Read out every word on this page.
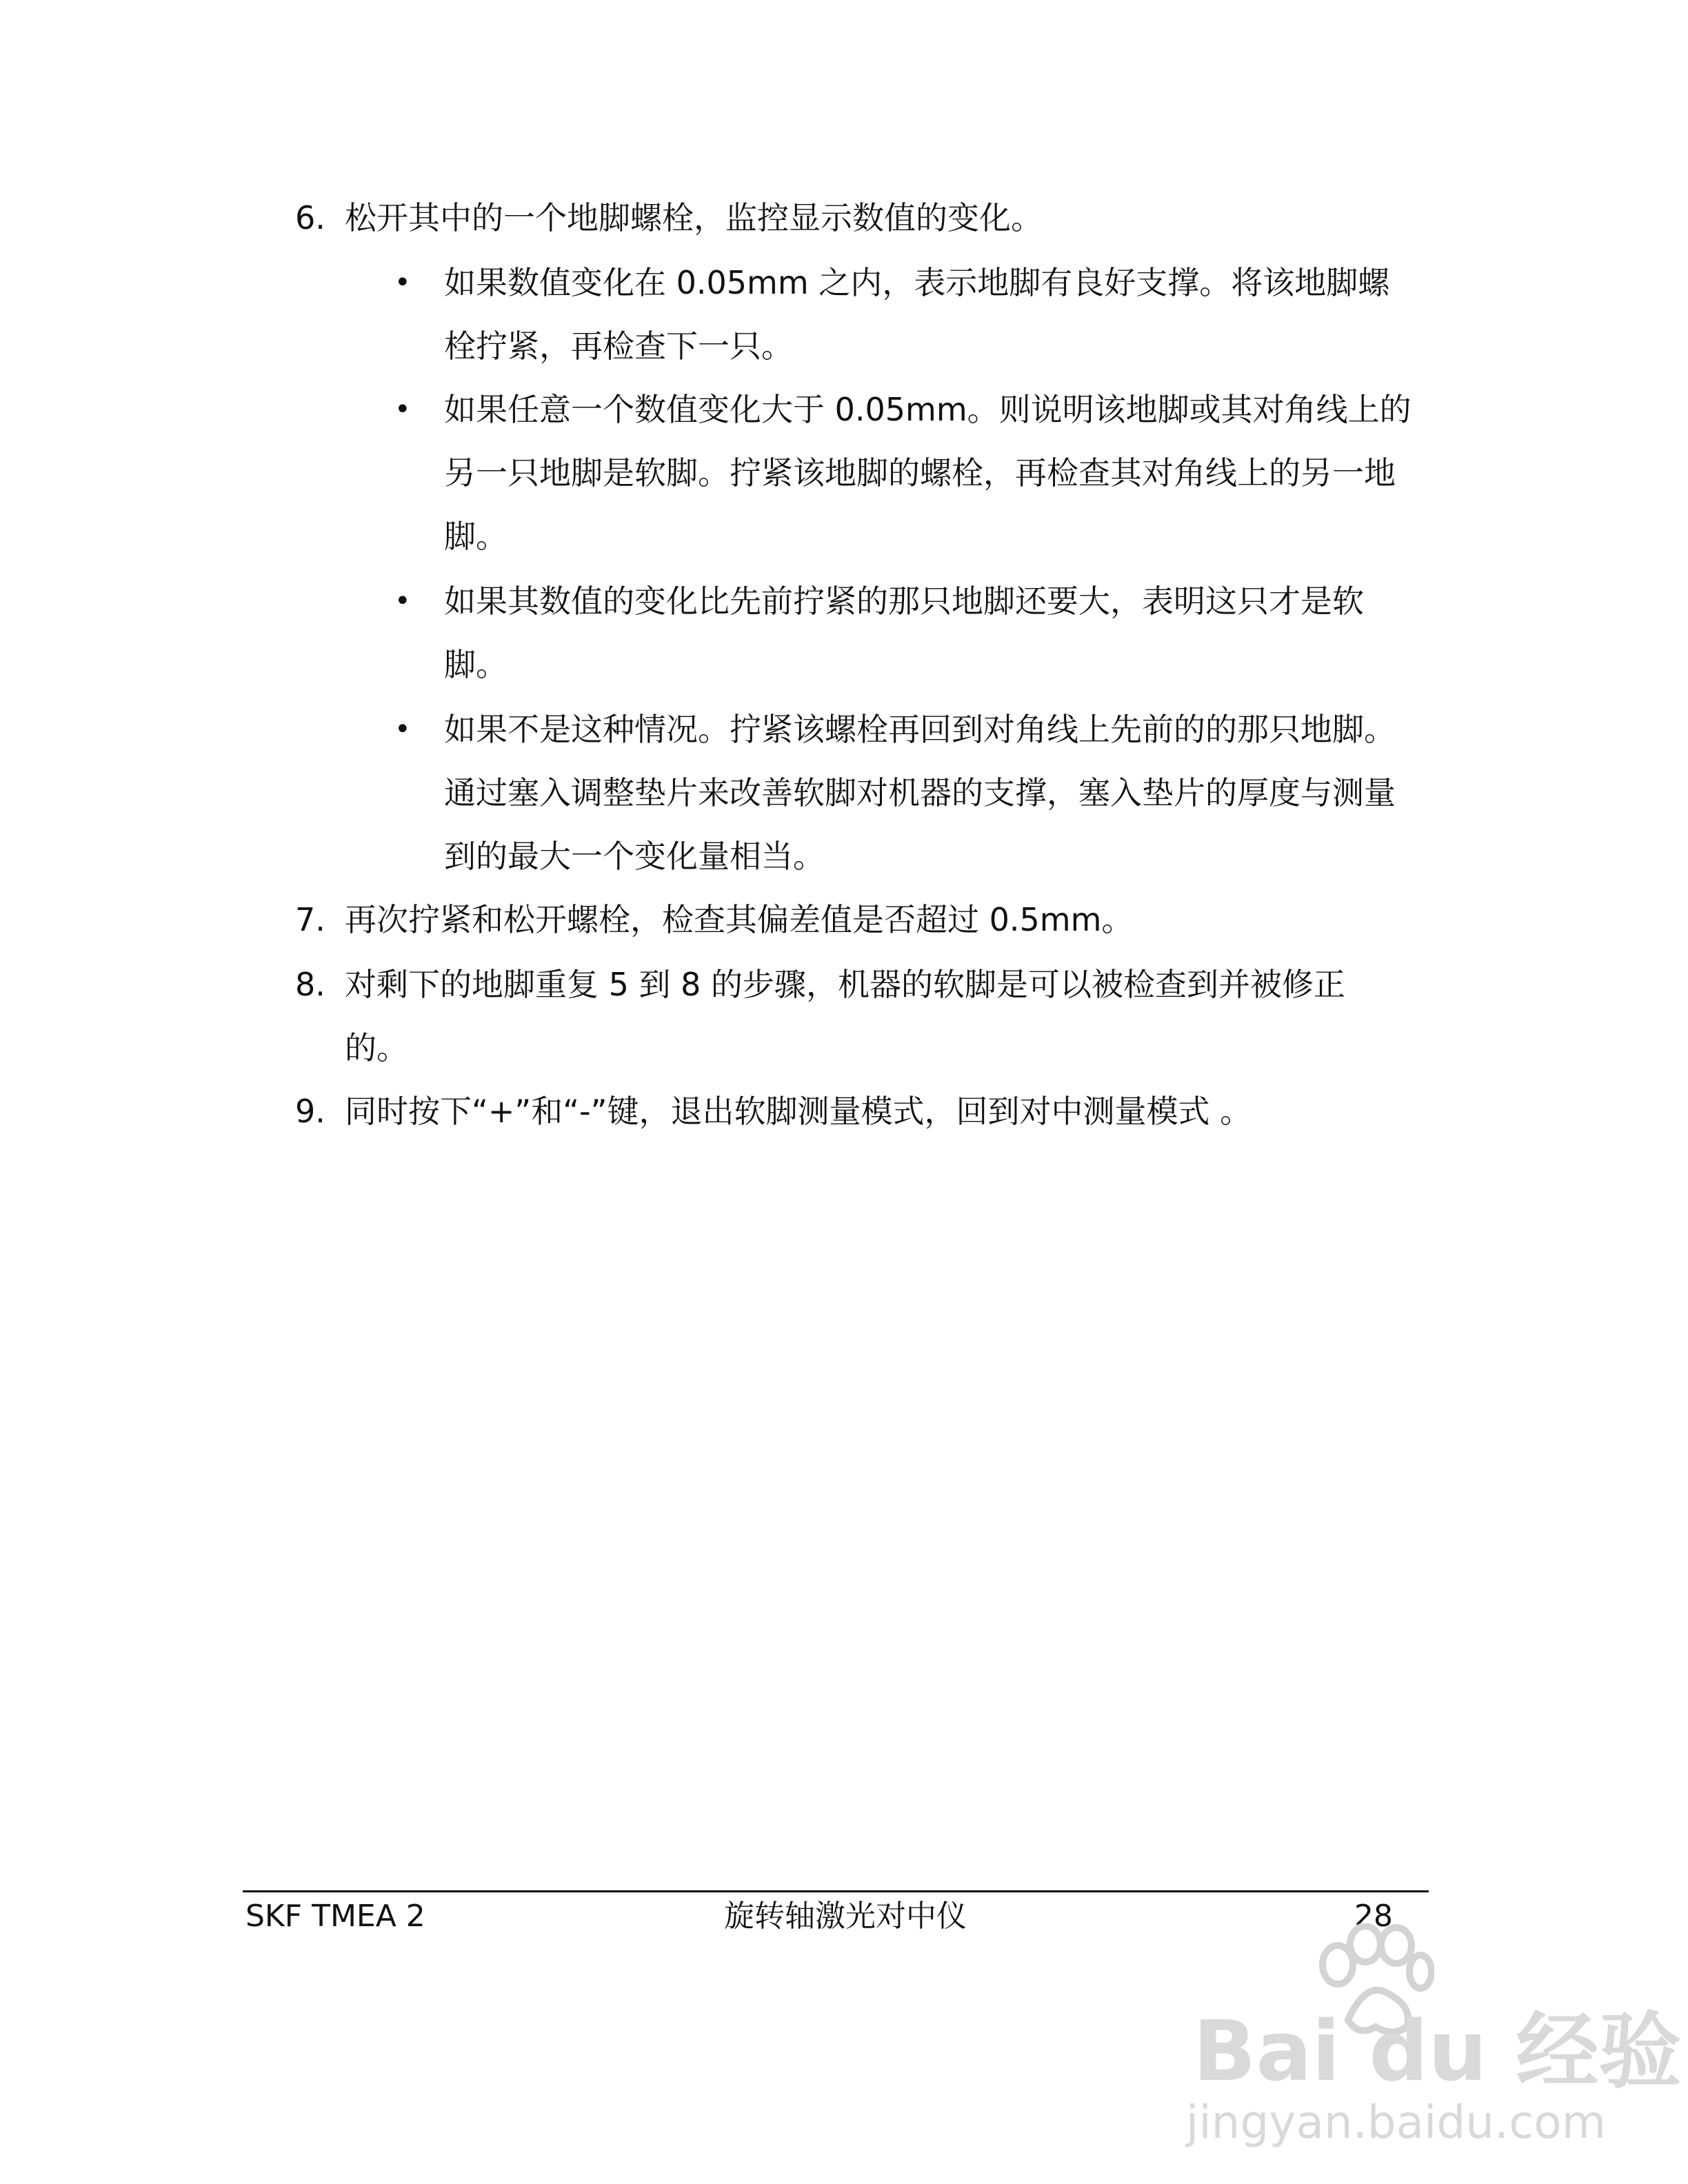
6. 松开其中的一个地脚螺栓，监控显示数值的变化。
• 如果数值变化在 0.05mm 之内，表示地脚有良好支撑。将该地脚螺
栓拧紧，再检查下一只。
• 如果任意一个数值变化大于 0.05mm。则说明该地脚或其对角线上的
另一只地脚是软脚。拧紧该地脚的螺栓，再检查其对角线上的另一地
脚。
• 如果其数值的变化比先前拧紧的那只地脚还要大，表明这只才是软
脚。
• 如果不是这种情况。拧紧该螺栓再回到对角线上先前的的那只地脚。
通过塞入调整垫片来改善软脚对机器的支撑，塞入垫片的厚度与测量
到的最大一个变化量相当。
7. 再次拧紧和松开螺栓，检查其偏差值是否超过 0.5mm。
8. 对剩下的地脚重复 5 到 8 的步骤，机器的软脚是可以被检查到并被修正
的。
9. 同时按下“+”和“-”键，退出软脚测量模式，回到对中测量模式 。
SKF TMEA 2	旋转轴激光对中仪	28
Bai du 经验
jingyan.baidu.com
